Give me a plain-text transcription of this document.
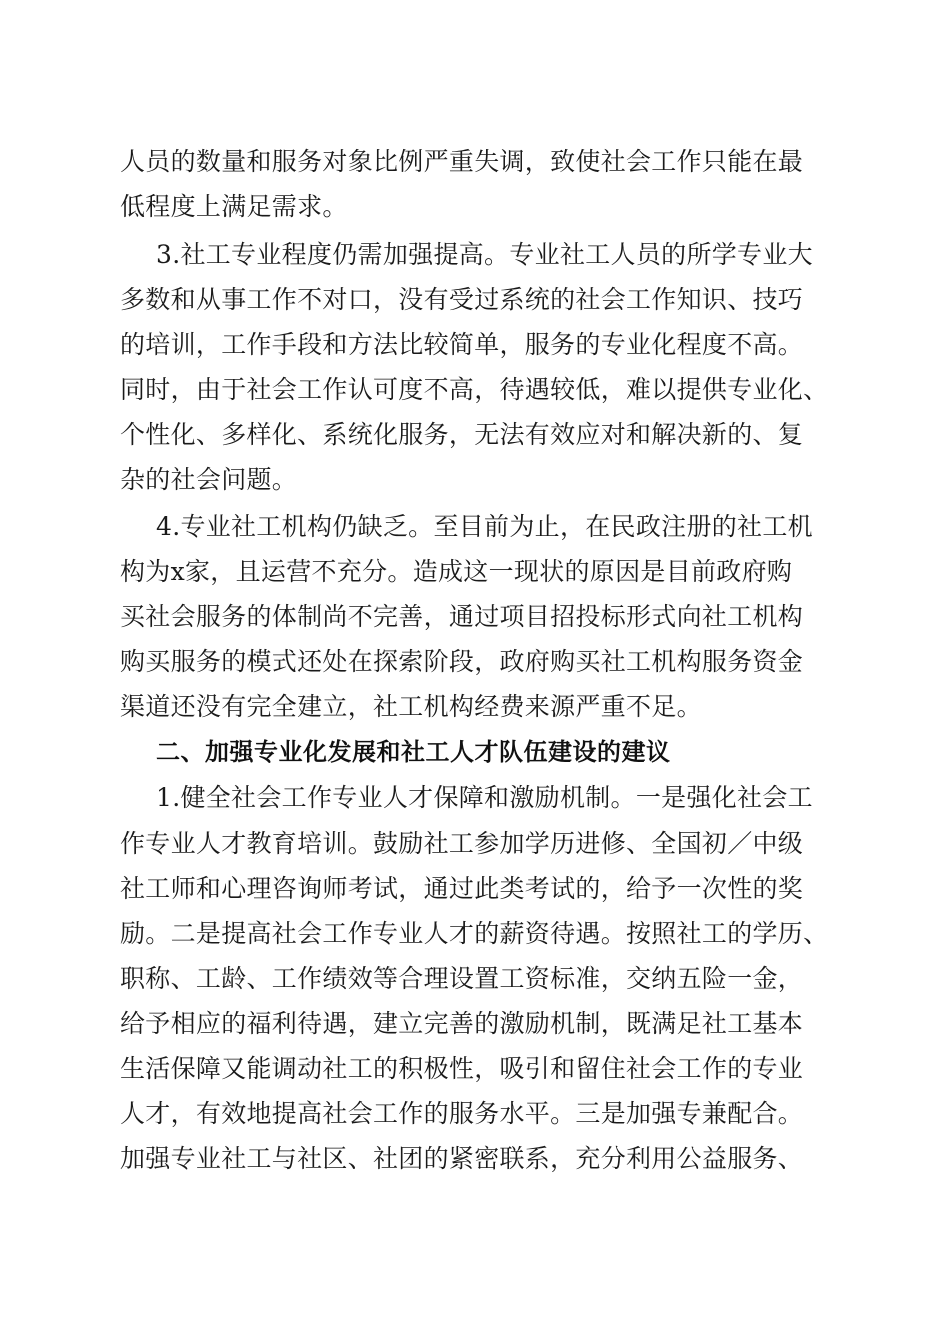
人员的数量和服务对象比例严重失调，致使社会工作只能在最

低程度上满足需求。

3.社工专业程度仍需加强提高。专业社工人员的所学专业大

多数和从事工作不对口，没有受过系统的社会工作知识、技巧

的培训，工作手段和方法比较简单，服务的专业化程度不高。

同时，由于社会工作认可度不高，待遇较低，难以提供专业化、

个性化、多样化、系统化服务，无法有效应对和解决新的、复

杂的社会问题。

4.专业社工机构仍缺乏。至目前为止，在民政注册的社工机

构为x家，且运营不充分。造成这一现状的原因是目前政府购

买社会服务的体制尚不完善，通过项目招投标形式向社工机构

购买服务的模式还处在探索阶段，政府购买社工机构服务资金

渠道还没有完全建立，社工机构经费来源严重不足。

二、加强专业化发展和社工人才队伍建设的建议

1.健全社会工作专业人才保障和激励机制。一是强化社会工

作专业人才教育培训。鼓励社工参加学历进修、全国初／中级

社工师和心理咨询师考试，通过此类考试的，给予一次性的奖

励。二是提高社会工作专业人才的薪资待遇。按照社工的学历、

职称、工龄、工作绩效等合理设置工资标准，交纳五险一金，

给予相应的福利待遇，建立完善的激励机制，既满足社工基本

生活保障又能调动社工的积极性，吸引和留住社会工作的专业

人才，有效地提高社会工作的服务水平。三是加强专兼配合。

加强专业社工与社区、社团的紧密联系，充分利用公益服务、
